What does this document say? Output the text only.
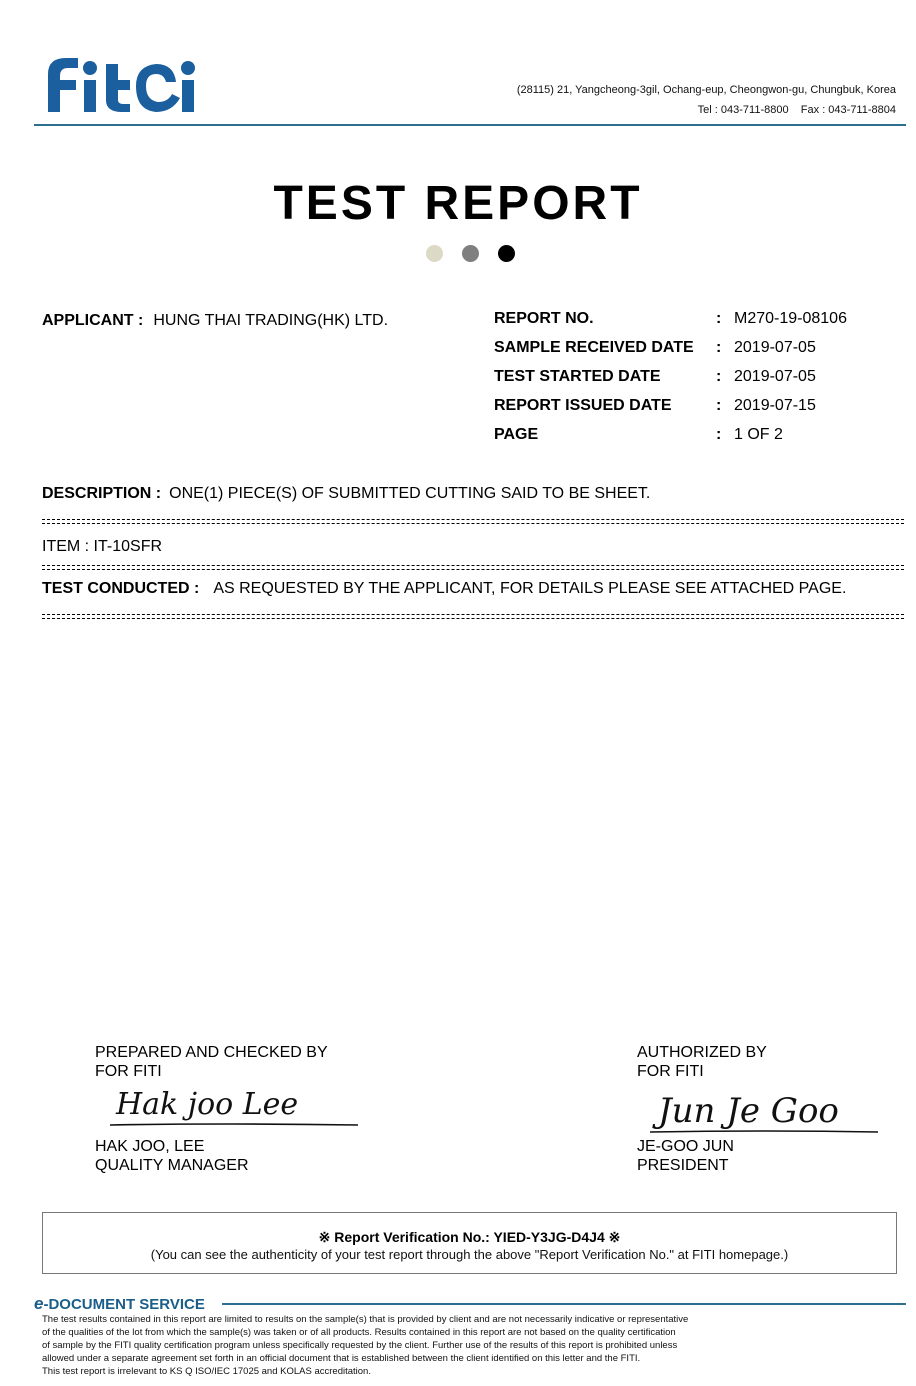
(28115) 21, Yangcheong-3gil, Ochang-eup, Cheongwon-gu, Chungbuk, Korea
Tel : 043-711-8800    Fax : 043-711-8804
TEST REPORT
APPLICANT : HUNG THAI TRADING(HK) LTD.	REPORT NO.	:	M270-19-08106
SAMPLE RECEIVED DATE	:	2019-07-05
TEST STARTED DATE	:	2019-07-05
REPORT ISSUED DATE	:	2019-07-15
PAGE	:	1 OF 2
DESCRIPTION : ONE(1) PIECE(S) OF SUBMITTED CUTTING SAID TO BE SHEET.
ITEM : IT-10SFR
TEST CONDUCTED : AS REQUESTED BY THE APPLICANT, FOR DETAILS PLEASE SEE ATTACHED PAGE.
PREPARED AND CHECKED BY
FOR FITI
Hak joo Lee
HAK JOO, LEE
QUALITY MANAGER
AUTHORIZED BY
FOR FITI
Jun Je Goo
JE-GOO JUN
PRESIDENT
※ Report Verification No.: YIED-Y3JG-D4J4 ※
(You can see the authenticity of your test report through the above "Report Verification No." at FITI homepage.)
e-DOCUMENT SERVICE
The test results contained in this report are limited to results on the sample(s) that is provided by client and are not necessarily indicative or representative
of the qualities of the lot from which the sample(s) was taken or of all products. Results contained in this report are not based on the quality certification
of sample by the FITI quality certification program unless specifically requested by the client. Further use of the results of this report is prohibited unless
allowed under a separate agreement set forth in an official document that is established between the client identified on this letter and the FITI.
This test report is irrelevant to KS Q ISO/IEC 17025 and KOLAS accreditation.
